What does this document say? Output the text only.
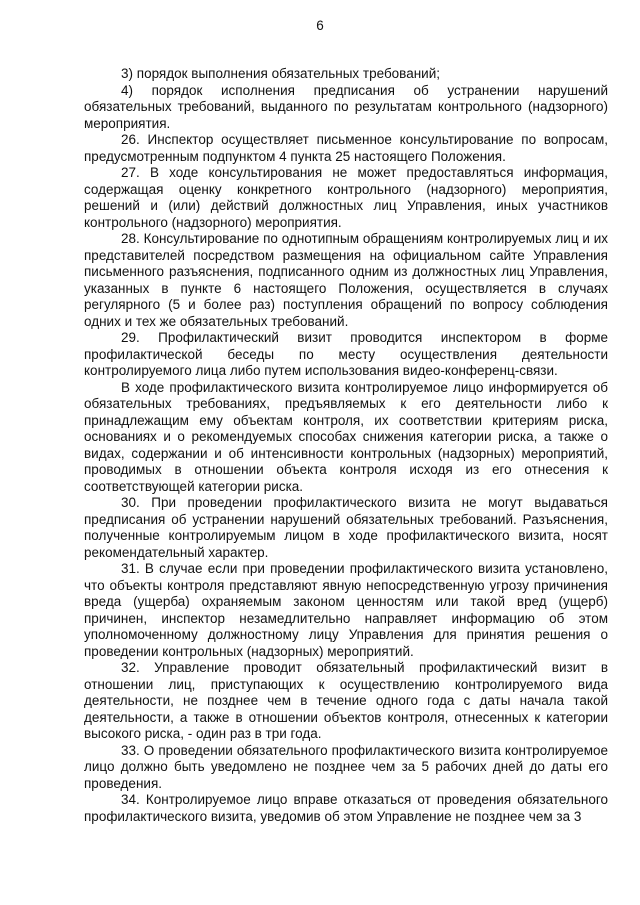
6

3) порядок выполнения обязательных требований;

4) порядок исполнения предписания об устранении нарушений обязательных требований, выданного по результатам контрольного (надзорного) мероприятия.

26. Инспектор осуществляет письменное консультирование по вопросам, предусмотренным подпунктом 4 пункта 25 настоящего Положения.

27. В ходе консультирования не может предоставляться информация, содержащая оценку конкретного контрольного (надзорного) мероприятия, решений и (или) действий должностных лиц Управления, иных участников контрольного (надзорного) мероприятия.

28. Консультирование по однотипным обращениям контролируемых лиц и их представителей посредством размещения на официальном сайте Управления письменного разъяснения, подписанного одним из должностных лиц Управления, указанных в пункте 6 настоящего Положения, осуществляется в случаях регулярного (5 и более раз) поступления обращений по вопросу соблюдения одних и тех же обязательных требований.

29. Профилактический визит проводится инспектором в форме профилактической беседы по месту осуществления деятельности контролируемого лица либо путем использования видео-конференц-связи.

В ходе профилактического визита контролируемое лицо информируется об обязательных требованиях, предъявляемых к его деятельности либо к принадлежащим ему объектам контроля, их соответствии критериям риска, основаниях и о рекомендуемых способах снижения категории риска, а также о видах, содержании и об интенсивности контрольных (надзорных) мероприятий, проводимых в отношении объекта контроля исходя из его отнесения к соответствующей категории риска.

30. При проведении профилактического визита не могут выдаваться предписания об устранении нарушений обязательных требований. Разъяснения, полученные контролируемым лицом в ходе профилактического визита, носят рекомендательный характер.

31. В случае если при проведении профилактического визита установлено, что объекты контроля представляют явную непосредственную угрозу причинения вреда (ущерба) охраняемым законом ценностям или такой вред (ущерб) причинен, инспектор незамедлительно направляет информацию об этом уполномоченному должностному лицу Управления для принятия решения о проведении контрольных (надзорных) мероприятий.

32. Управление проводит обязательный профилактический визит в отношении лиц, приступающих к осуществлению контролируемого вида деятельности, не позднее чем в течение одного года с даты начала такой деятельности, а также в отношении объектов контроля, отнесенных к категории высокого риска, - один раз в три года.

33. О проведении обязательного профилактического визита контролируемое лицо должно быть уведомлено не позднее чем за 5 рабочих дней до даты его проведения.

34. Контролируемое лицо вправе отказаться от проведения обязательного профилактического визита, уведомив об этом Управление не позднее чем за 3
